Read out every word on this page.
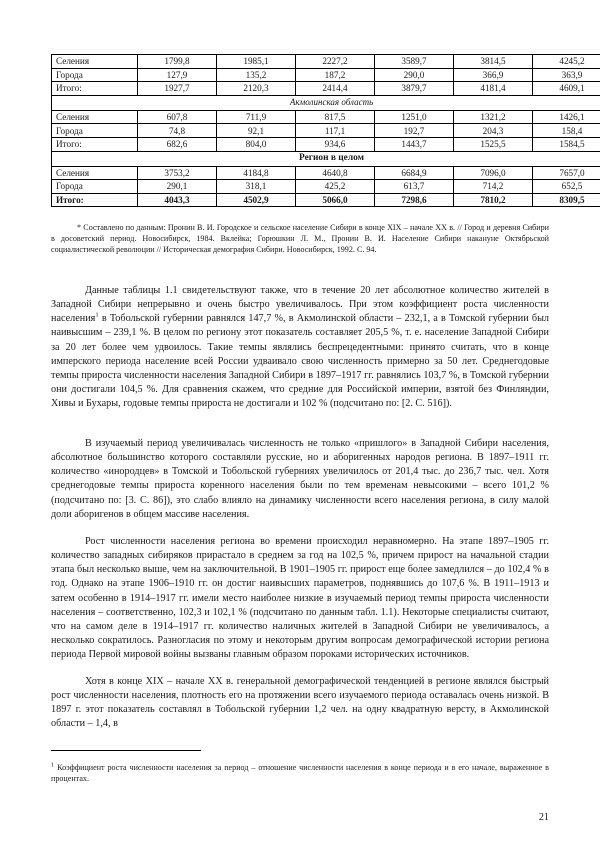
Селения	1799,8	1985,1	2227,2	3589,7	3814,5	4245,2
Города	127,9	135,2	187,2	290,0	366,9	363,9
Итого:	1927,7	2120,3	2414,4	3879,7	4181,4	4609,1
Акмолинская область						
Селения	607,8	711,9	817,5	1251,0	1321,2	1426,1
Города	74,8	92,1	117,1	192,7	204,3	158,4
Итого:	682,6	804,0	934,6	1443,7	1525,5	1584,5
Регион в целом						
Селения	3753,2	4184,8	4640,8	6684,9	7096,0	7657,0
Города	290,1	318,1	425,2	613,7	714,2	652,5
Итого:	4043,3	4502,9	5066,0	7298,6	7810,2	8309,5
* Составлено по данным: Пронин В. И. Городское и сельское население Сибири в конце XIX – начале XX в. // Город и деревня Сибири в досоветский период. Новосибирск, 1984. Вклейка; Горюшкин Л. М., Пронин В. И. Население Сибири накануне Октябрьской социалистической революции // Историческая демография Сибири. Новосибирск, 1992. С. 94.

Данные таблицы 1.1 свидетельствуют также, что в течение 20 лет абсолютное количество жителей в Западной Сибири непрерывно и очень быстро увеличивалось. При этом коэффициент роста численности населения$^1$ в Тобольской губернии равнялся 147,7 %, в Акмолинской области – 232,1, а в Томской губернии был наивысшим – 239,1 %. В целом по региону этот показатель составляет 205,5 %, т. е. население Западной Сибири за 20 лет более чем удвоилось. Такие темпы являлись беспрецедентными: принято считать, что в конце имперского периода население всей России удваивало свою численность примерно за 50 лет. Среднегодовые темпы прироста численности населения Западной Сибири в 1897–1917 гг. равнялись 103,7 %, в Томской губернии они достигали 104,5 %. Для сравнения скажем, что средние для Российской империи, взятой без Финляндии, Хивы и Бухары, годовые темпы прироста не достигали и 102 % (подсчитано по: [2. С. 516]).

В изучаемый период увеличивалась численность не только «пришлого» в Западной Сибири населения, абсолютное большинство которого составляли русские, но и аборигенных народов региона. В 1897–1911 гг. количество «инородцев» в Томской и Тобольской губерниях увеличилось от 201,4 тыс. до 236,7 тыс. чел. Хотя среднегодовые темпы прироста коренного населения были по тем временам невысокими – всего 101,2 % (подсчитано по: [3. С. 86]), это слабо влияло на динамику численности всего населения региона, в силу малой доли аборигенов в общем массиве населения.

Рост численности населения региона во времени происходил неравномерно. На этапе 1897–1905 гг. количество западных сибиряков прирастало в среднем за год на 102,5 %, причем прирост на начальной стадии этапа был несколько выше, чем на заключительной. В 1901–1905 гг. прирост еще более замедлился – до 102,4 % в год. Однако на этапе 1906–1910 гг. он достиг наивысших параметров, поднявшись до 107,6 %. В 1911–1913 и затем особенно в 1914–1917 гг. имели место наиболее низкие в изучаемый период темпы прироста численности населения – соответственно, 102,3 и 102,1 % (подсчитано по данным табл. 1.1). Некоторые специалисты считают, что на самом деле в 1914–1917 гг. количество наличных жителей в Западной Сибири не увеличивалось, а несколько сократилось. Разногласия по этому и некоторым другим вопросам демографической истории региона периода Первой мировой войны вызваны главным образом пороками исторических источников.

Хотя в конце XIX – начале XX в. генеральной демографической тенденцией в регионе являлся быстрый рост численности населения, плотность его на протяжении всего изучаемого периода оставалась очень низкой. В 1897 г. этот показатель составлял в Тобольской губернии 1,2 чел. на одну квадратную версту, в Акмолинской области – 1,4, в

$^1$ Коэффициент роста численности населения за период – отношение численности населения в конце периода и в его начале, выраженное в процентах.
21
